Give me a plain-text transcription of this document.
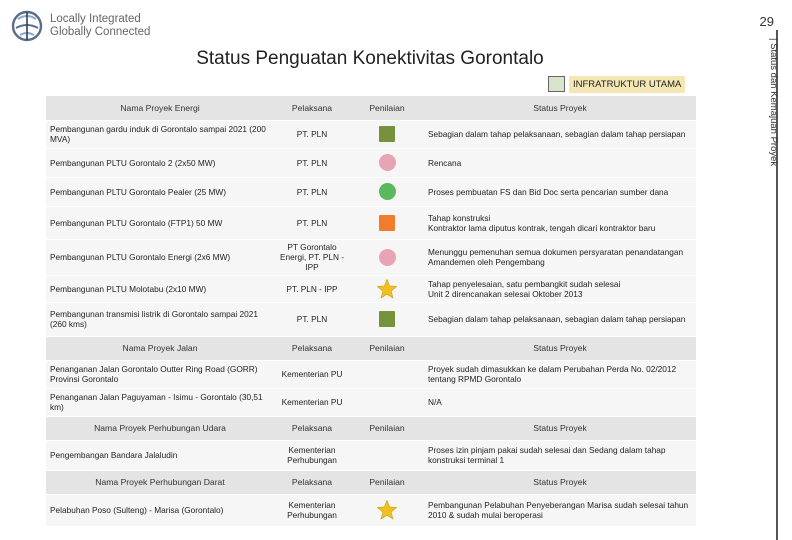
Locally Integrated
Globally Connected
29
| Status dan Kemajuan Proyek
Status Penguatan Konektivitas Gorontalo
INFRATRUKTUR UTAMA
Nama Proyek Energi	Pelaksana	Penilaian	Status Proyek
Pembangunan gardu induk di Gorontalo sampai 2021 (200 MVA)	PT. PLN		Sebagian dalam tahap pelaksanaan, sebagian dalam tahap persiapan
Pembangunan PLTU Gorontalo 2 (2x50 MW)	PT. PLN		Rencana
Pembangunan PLTU Gorontalo Pealer (25 MW)	PT. PLN		Proses pembuatan FS dan Bid Doc serta pencarian sumber dana
Pembangunan PLTU Gorontalo (FTP1) 50 MW	PT. PLN		Tahap konstruksi
Kontraktor lama diputus kontrak, tengah dicari kontraktor baru
Pembangunan PLTU Gorontalo Energi (2x6 MW)	PT Gorontalo Energi, PT. PLN - IPP		Menunggu pemenuhan semua dokumen persyaratan penandatangan Amandemen oleh Pengembang
Pembangunan PLTU Molotabu (2x10 MW)	PT. PLN - IPP		Tahap penyelesaian, satu pembangkit sudah selesai
Unit 2 direncanakan selesai Oktober 2013
Pembangunan transmisi listrik di Gorontalo sampai 2021 (260 kms)	PT. PLN		Sebagian dalam tahap pelaksanaan, sebagian dalam tahap persiapan
Nama Proyek Jalan	Pelaksana	Penilaian	Status Proyek
Penanganan Jalan Gorontalo Outter Ring Road (GORR) Provinsi Gorontalo	Kementerian PU		Proyek sudah dimasukkan ke dalam Perubahan Perda No. 02/2012 tentang RPMD Gorontalo
Penanganan Jalan Paguyaman - Isimu - Gorontalo (30,51 km)	Kementerian PU		N/A
Nama Proyek Perhubungan Udara	Pelaksana	Penilaian	Status Proyek
Pengembangan Bandara Jalaludin	Kementerian Perhubungan		Proses izin pinjam pakai sudah selesai dan Sedang dalam tahap konstruksi terminal 1
Nama Proyek Perhubungan Darat	Pelaksana	Penilaian	Status Proyek
Pelabuhan Poso (Sulteng) - Marisa (Gorontalo)	Kementerian Perhubungan		Pembangunan Pelabuhan Penyeberangan Marisa sudah selesai tahun 2010 & sudah mulai beroperasi
